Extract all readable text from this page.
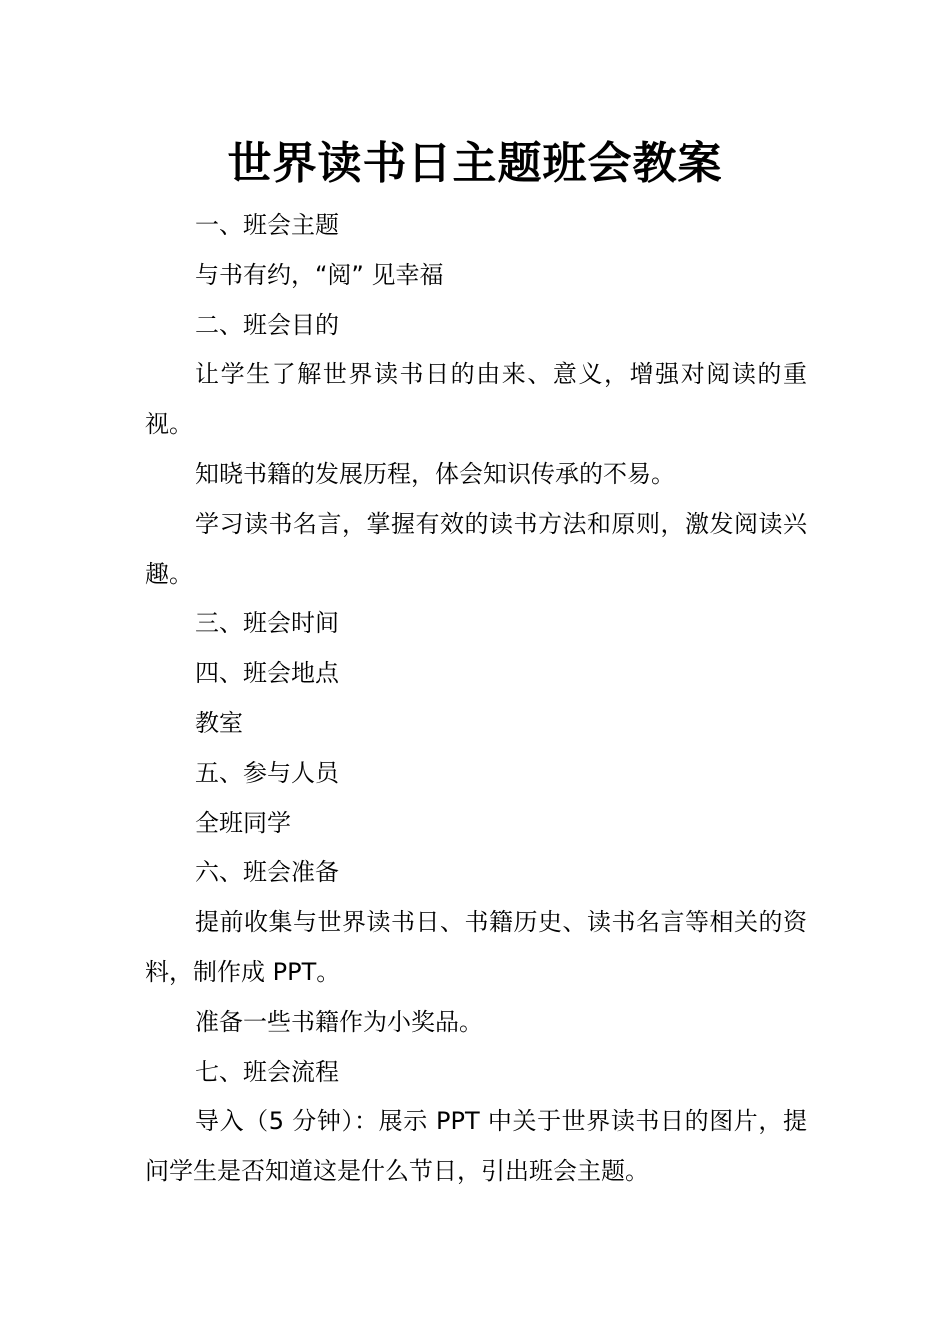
世界读书日主题班会教案

一、班会主题

与书有约，“阅” 见幸福

二、班会目的

让学生了解世界读书日的由来、意义，增强对阅读的重视。

知晓书籍的发展历程，体会知识传承的不易。

学习读书名言，掌握有效的读书方法和原则，激发阅读兴趣。

三、班会时间

四、班会地点

教室

五、参与人员

全班同学

六、班会准备

提前收集与世界读书日、书籍历史、读书名言等相关的资料，制作成 PPT。

准备一些书籍作为小奖品。

七、班会流程

导入（5 分钟）：展示 PPT 中关于世界读书日的图片，提问学生是否知道这是什么节日，引出班会主题。
